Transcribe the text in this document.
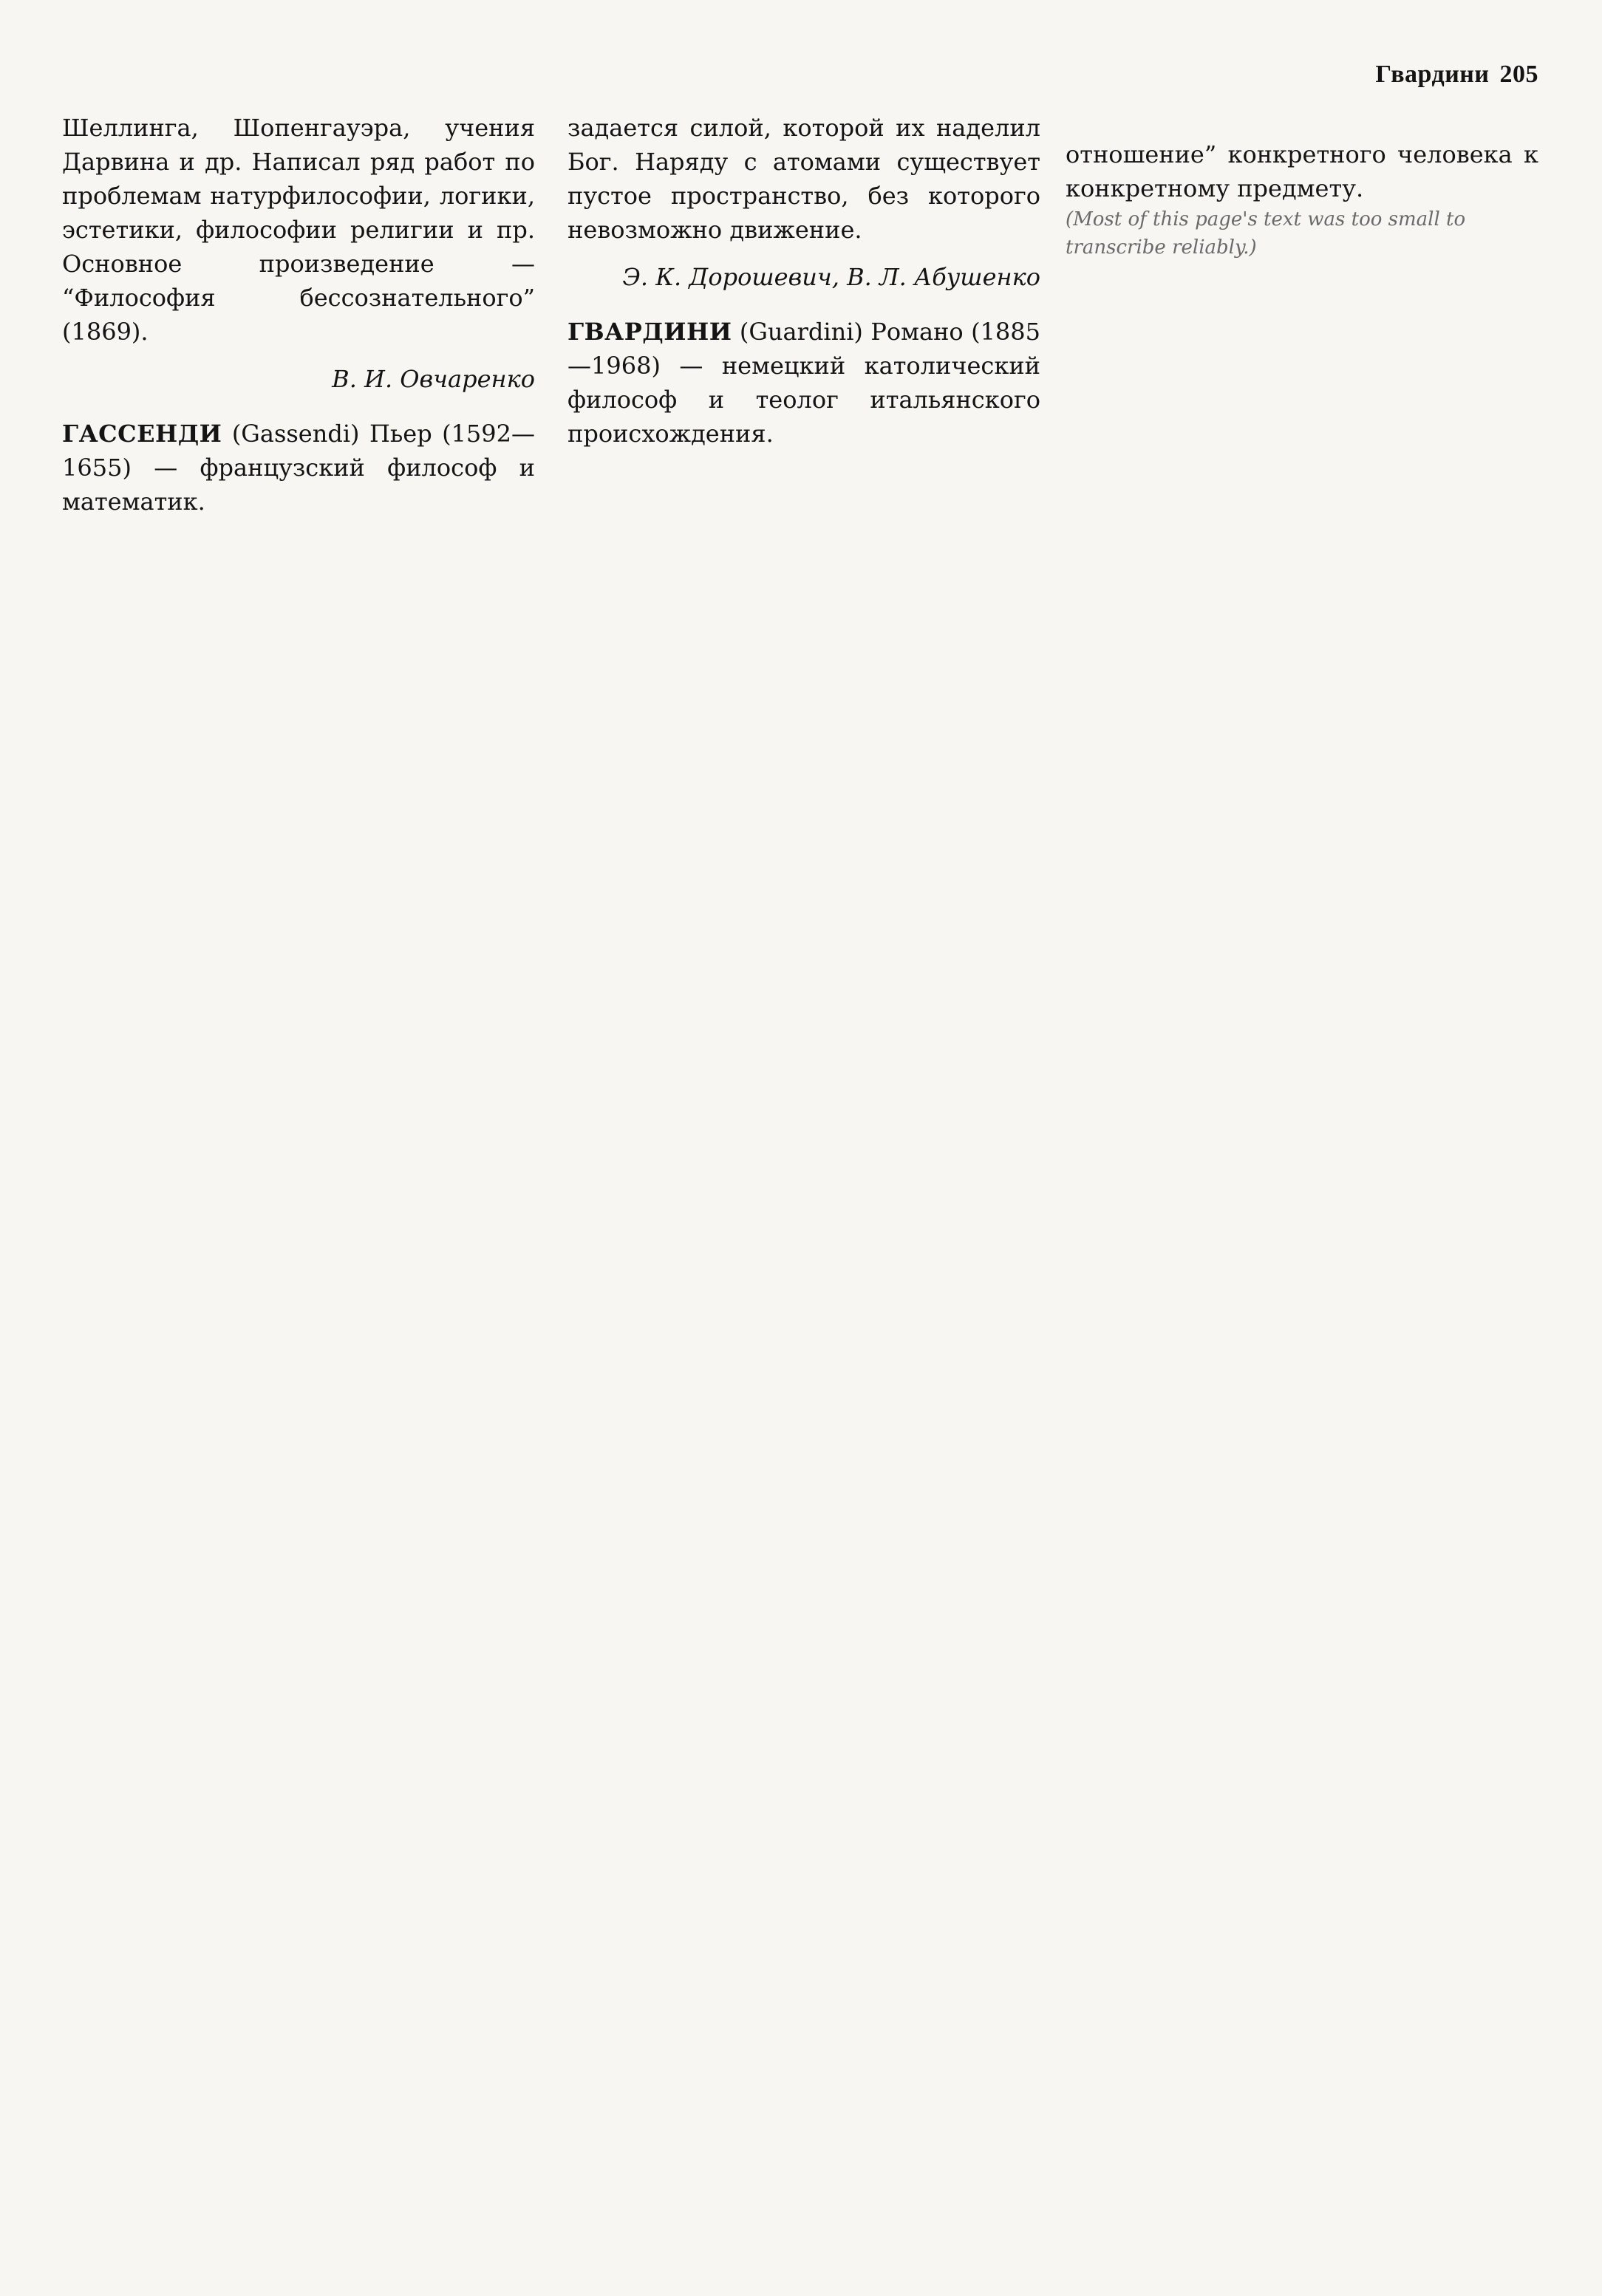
Гвардини 205

Шеллинга, Шопенгауэра, учения Дарвина и др. Написал ряд работ по проблемам натурфилософии, логики, эстетики, философии религии и пр. Основное произведение — “Философия бессознательного” (1869).

В. И. Овчаренко

ГАССЕНДИ (Gassendi) Пьер (1592—1655) — французский философ и математик.

задается силой, которой их наделил Бог. Наряду с атомами существует пустое пространство, без которого невозможно движение.

Э. К. Дорошевич, В. Л. Абушенко

ГВАРДИНИ (Guardini) Романо (1885—1968) — немецкий католический философ и теолог итальянского происхождения.

отношение” конкретного человека к конкретному предмету.

(Most of this page's text was too small to transcribe reliably.)
